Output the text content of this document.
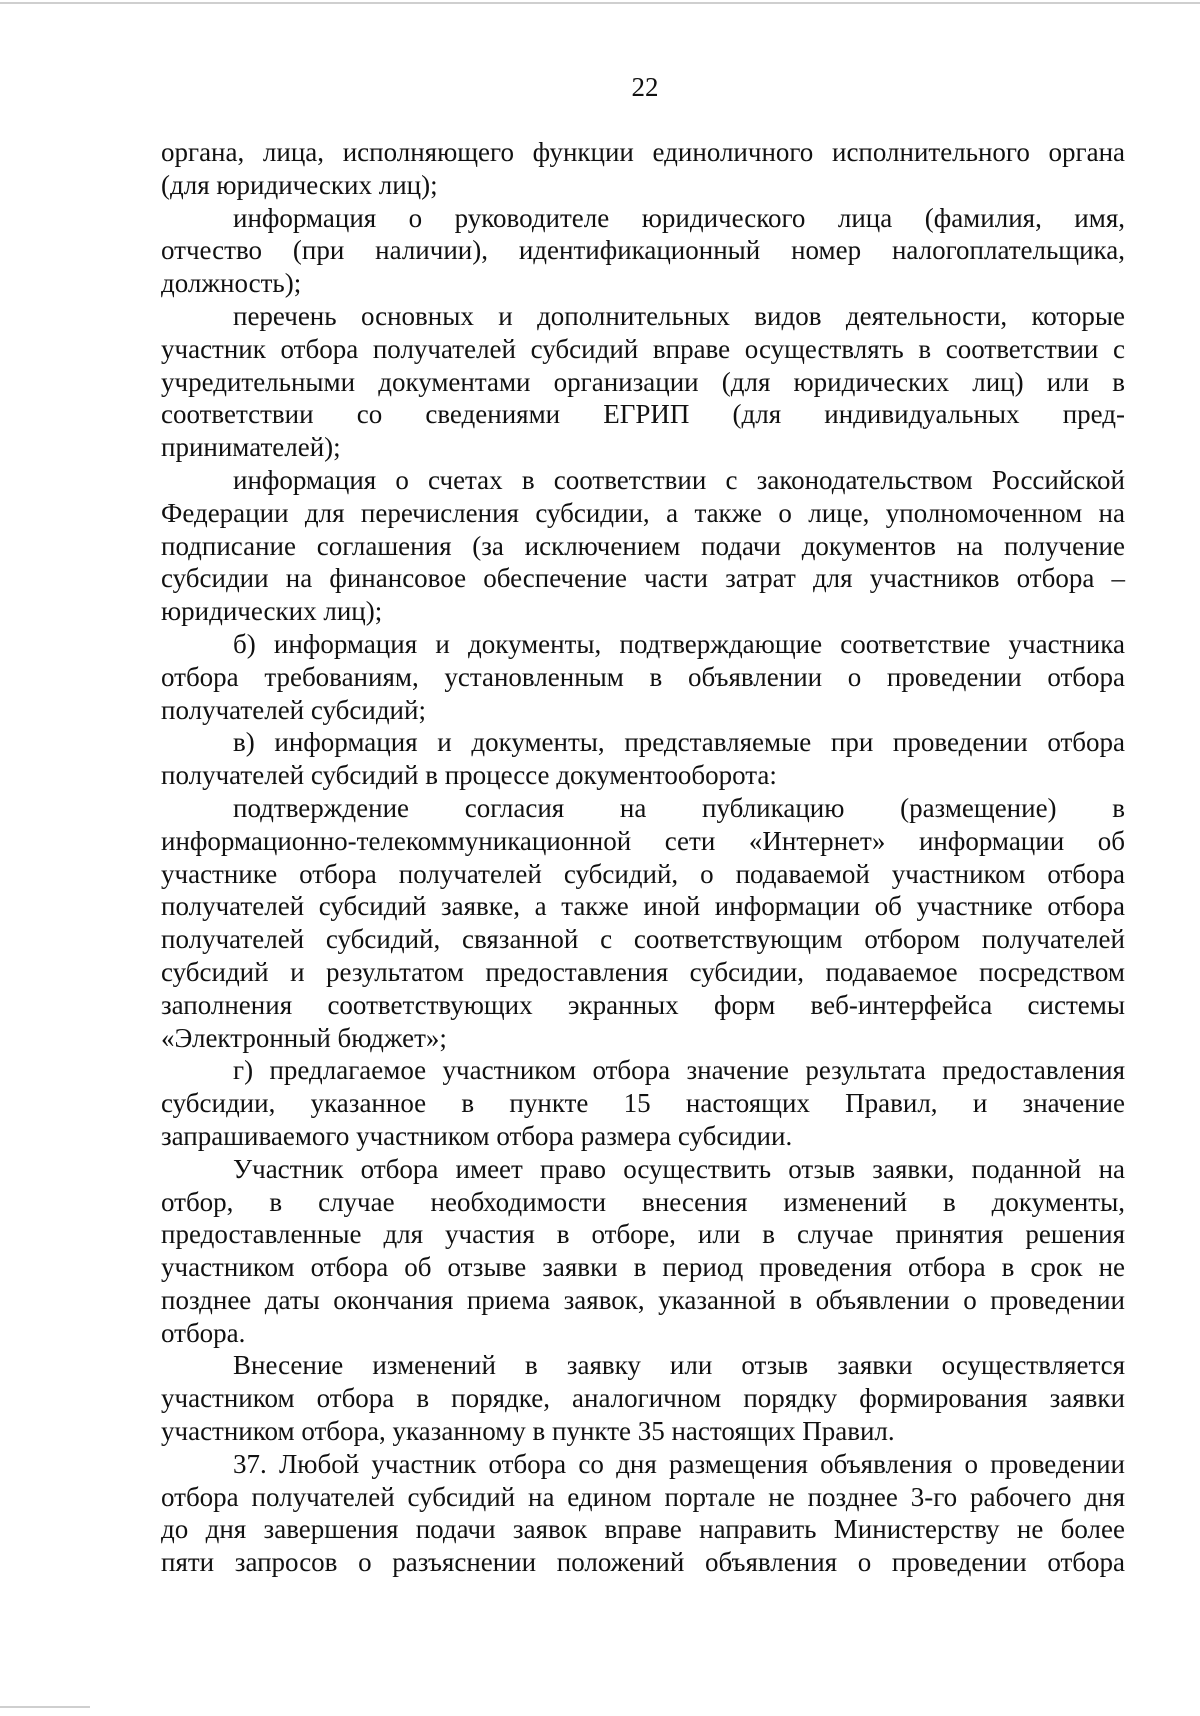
22
органа, лица, исполняющего функции единоличного исполнительного органа
(для юридических лиц);
информация о руководителе юридического лица (фамилия, имя,
отчество (при наличии), идентификационный номер налогоплательщика,
должность);
перечень основных и дополнительных видов деятельности, которые
участник отбора получателей субсидий вправе осуществлять в соответствии с
учредительными документами организации (для юридических лиц) или в
соответствии со сведениями ЕГРИП (для индивидуальных пред-
принимателей);
информация о счетах в соответствии с законодательством Российской
Федерации для перечисления субсидии, а также о лице, уполномоченном на
подписание соглашения (за исключением подачи документов на получение
субсидии на финансовое обеспечение части затрат для участников отбора –
юридических лиц);
б) информация и документы, подтверждающие соответствие участника
отбора требованиям, установленным в объявлении о проведении отбора
получателей субсидий;
в) информация и документы, представляемые при проведении отбора
получателей субсидий в процессе документооборота:
подтверждение согласия на публикацию (размещение) в
информационно-телекоммуникационной сети «Интернет» информации об
участнике отбора получателей субсидий, о подаваемой участником отбора
получателей субсидий заявке, а также иной информации об участнике отбора
получателей субсидий, связанной с соответствующим отбором получателей
субсидий и результатом предоставления субсидии, подаваемое посредством
заполнения соответствующих экранных форм веб-интерфейса системы
«Электронный бюджет»;
г) предлагаемое участником отбора значение результата предоставления
субсидии, указанное в пункте 15 настоящих Правил, и значение
запрашиваемого участником отбора размера субсидии.
Участник отбора имеет право осуществить отзыв заявки, поданной на
отбор, в случае необходимости внесения изменений в документы,
предоставленные для участия в отборе, или в случае принятия решения
участником отбора об отзыве заявки в период проведения отбора в срок не
позднее даты окончания приема заявок, указанной в объявлении о проведении
отбора.
Внесение изменений в заявку или отзыв заявки осуществляется
участником отбора в порядке, аналогичном порядку формирования заявки
участником отбора, указанному в пункте 35 настоящих Правил.
37. Любой участник отбора со дня размещения объявления о проведении
отбора получателей субсидий на едином портале не позднее 3-го рабочего дня
до дня завершения подачи заявок вправе направить Министерству не более
пяти запросов о разъяснении положений объявления о проведении отбора
